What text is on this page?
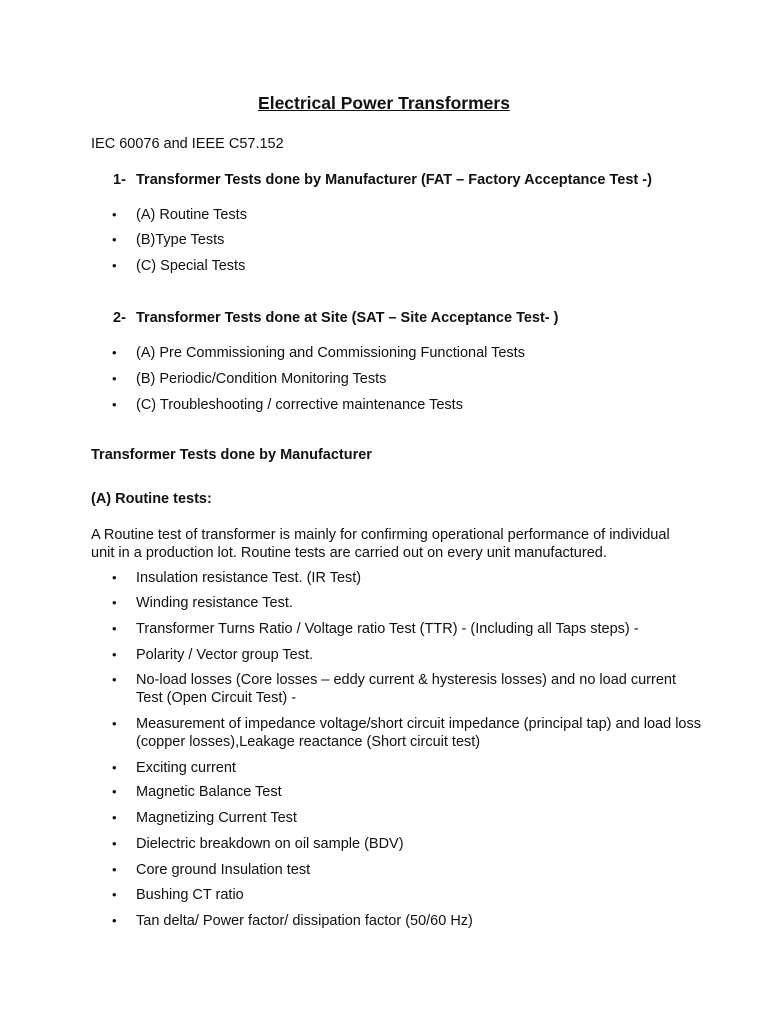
Electrical Power Transformers
IEC 60076 and IEEE C57.152
1- Transformer Tests done by Manufacturer (FAT – Factory Acceptance Test -)
•	(A) Routine Tests
•	(B)Type Tests
•	(C) Special Tests
2- Transformer Tests done at Site (SAT – Site Acceptance Test- )
•	(A) Pre Commissioning and Commissioning Functional Tests
•	(B) Periodic/Condition Monitoring Tests
•	(C) Troubleshooting / corrective maintenance Tests
Transformer Tests done by Manufacturer
(A) Routine tests:
A Routine test of transformer is mainly for confirming operational performance of individual
unit in a production lot. Routine tests are carried out on every unit manufactured.
•	Insulation resistance Test. (IR Test)
•	Winding resistance Test.
•	Transformer Turns Ratio / Voltage ratio Test (TTR) - (Including all Taps steps) -
•	Polarity / Vector group Test.
•	No-load losses (Core losses – eddy current & hysteresis losses) and no load current Test (Open Circuit Test) -
•	Measurement of impedance voltage/short circuit impedance (principal tap) and load loss (copper losses),Leakage reactance (Short circuit test)
•	Exciting current
•	Magnetic Balance Test
•	Magnetizing Current Test
•	Dielectric breakdown on oil sample (BDV)
•	Core ground Insulation test
•	Bushing CT ratio
•	Tan delta/ Power factor/ dissipation factor (50/60 Hz)
